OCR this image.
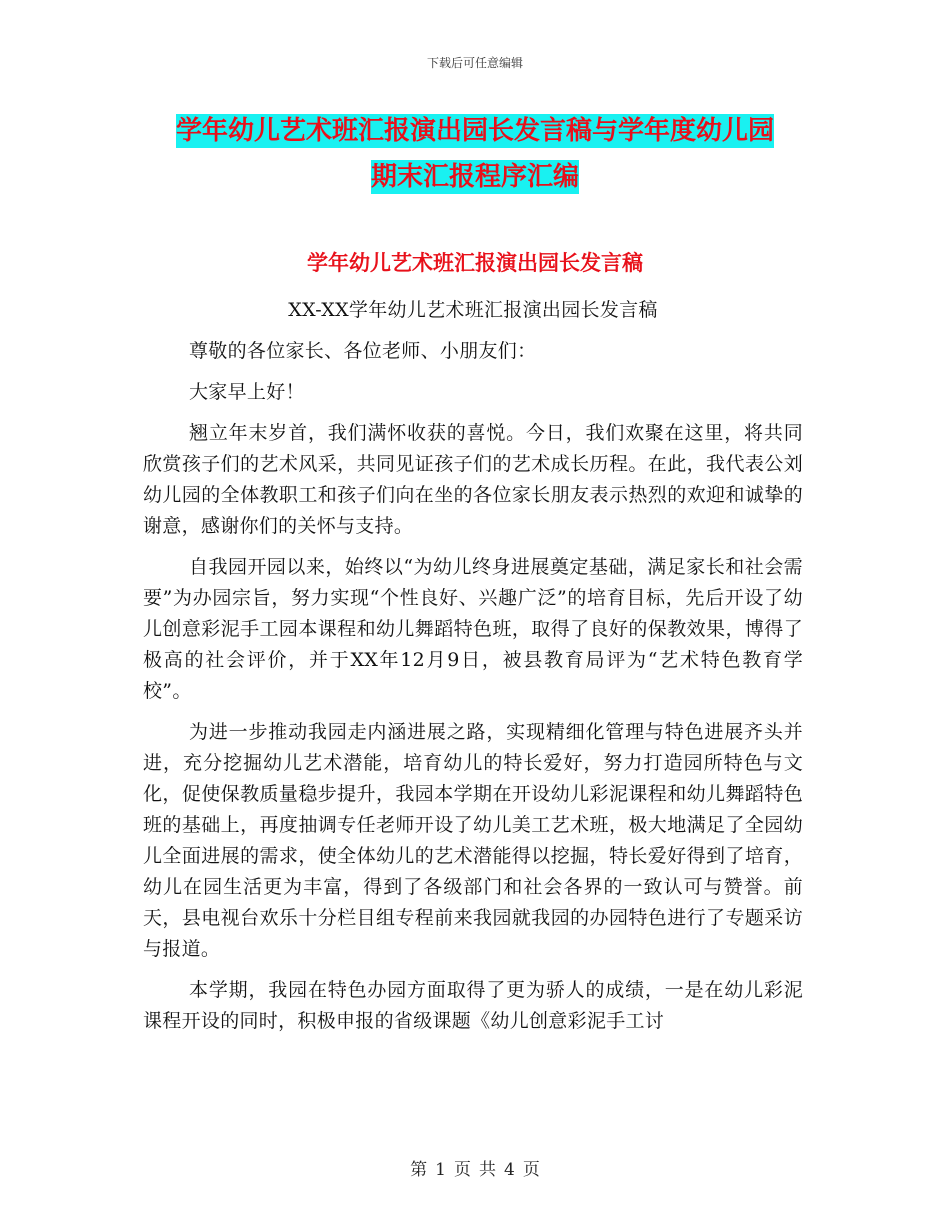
下载后可任意编辑
学年幼儿艺术班汇报演出园长发言稿与学年度幼儿园
期末汇报程序汇编
学年幼儿艺术班汇报演出园长发言稿

XX-XX学年幼儿艺术班汇报演出园长发言稿

尊敬的各位家长、各位老师、小朋友们：

大家早上好！

翘立年末岁首，我们满怀收获的喜悦。今日，我们欢聚在这里，将共同欣赏孩子们的艺术风采，共同见证孩子们的艺术成长历程。在此，我代表公刘幼儿园的全体教职工和孩子们向在坐的各位家长朋友表示热烈的欢迎和诚挚的谢意，感谢你们的关怀与支持。

自我园开园以来，始终以“为幼儿终身进展奠定基础，满足家长和社会需要”为办园宗旨，努力实现“个性良好、兴趣广泛”的培育目标，先后开设了幼儿创意彩泥手工园本课程和幼儿舞蹈特色班，取得了良好的保教效果，博得了极高的社会评价，并于XX年12月9日，被县教育局评为“艺术特色教育学校”。

为进一步推动我园走内涵进展之路，实现精细化管理与特色进展齐头并进，充分挖掘幼儿艺术潜能，培育幼儿的特长爱好，努力打造园所特色与文化，促使保教质量稳步提升，我园本学期在开设幼儿彩泥课程和幼儿舞蹈特色班的基础上，再度抽调专任老师开设了幼儿美工艺术班，极大地满足了全园幼儿全面进展的需求，使全体幼儿的艺术潜能得以挖掘，特长爱好得到了培育，幼儿在园生活更为丰富，得到了各级部门和社会各界的一致认可与赞誉。前天，县电视台欢乐十分栏目组专程前来我园就我园的办园特色进行了专题采访与报道。

本学期，我园在特色办园方面取得了更为骄人的成绩，一是在幼儿彩泥课程开设的同时，积极申报的省级课题《幼儿创意彩泥手工讨

第 1 页 共 4 页
